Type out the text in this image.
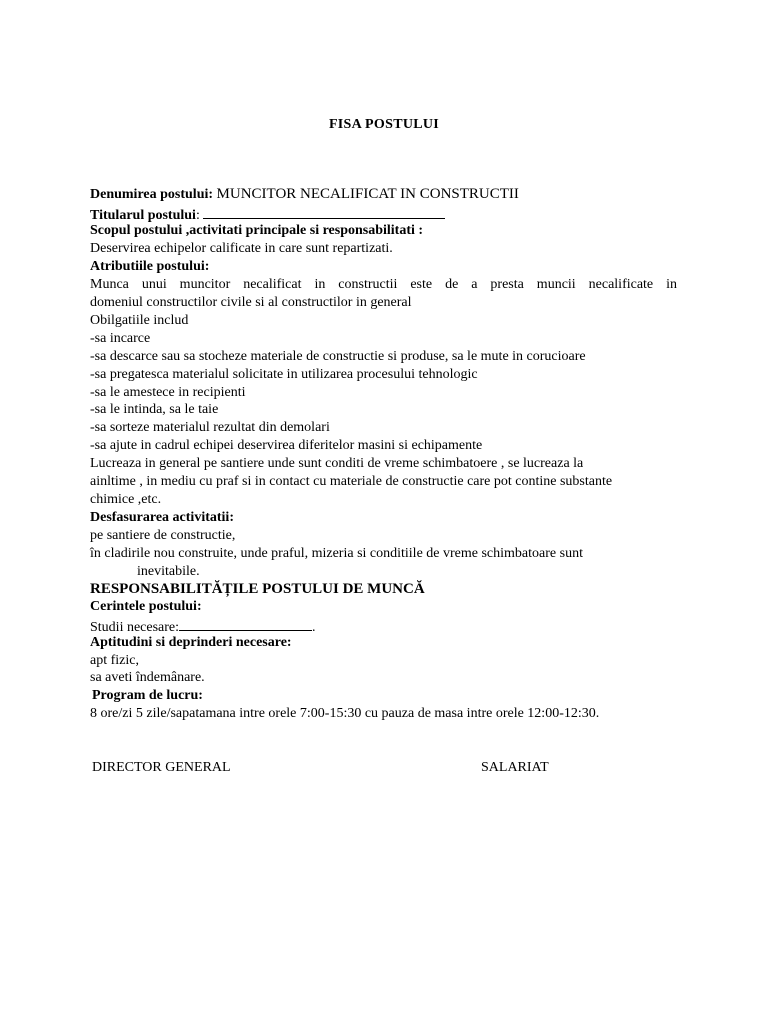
FISA POSTULUI
Denumirea postului: MUNCITOR NECALIFICAT IN CONSTRUCTII
Titularul postului:
Scopul postului ,activitati principale si responsabilitati :
Deservirea echipelor calificate in care sunt repartizati.
Atributiile postului:
Munca unui muncitor necalificat in constructii este de a presta muncii necalificate in
domeniul constructilor civile si al constructilor in general
Obilgatiile includ
-sa incarce
-sa descarce sau sa stocheze materiale de constructie si produse, sa le mute in corucioare
-sa pregatesca materialul solicitate in utilizarea procesului tehnologic
-sa le amestece in recipienti
-sa le intinda, sa le taie
-sa sorteze materialul rezultat din demolari
-sa ajute in cadrul echipei deservirea diferitelor masini si echipamente
Lucreaza in general pe santiere unde sunt conditi de vreme schimbatoere , se lucreaza la
ainltime , in mediu cu praf si in contact cu materiale de constructie care pot contine substante
chimice ,etc.
Desfasurarea activitatii:
pe santiere de constructie,
în cladirile nou construite, unde praful, mizeria si conditiile de vreme schimbatoare sunt
inevitabile.
RESPONSABILITĂȚILE POSTULUI DE MUNCĂ
Cerintele postului:
Studii necesare:	.
Aptitudini si deprinderi necesare:
apt fizic,
sa aveti îndemânare.
Program de lucru:
8 ore/zi 5 zile/sapatamana intre orele 7:00-15:30 cu pauza de masa intre orele 12:00-12:30.
DIRECTOR GENERAL	SALARIAT
